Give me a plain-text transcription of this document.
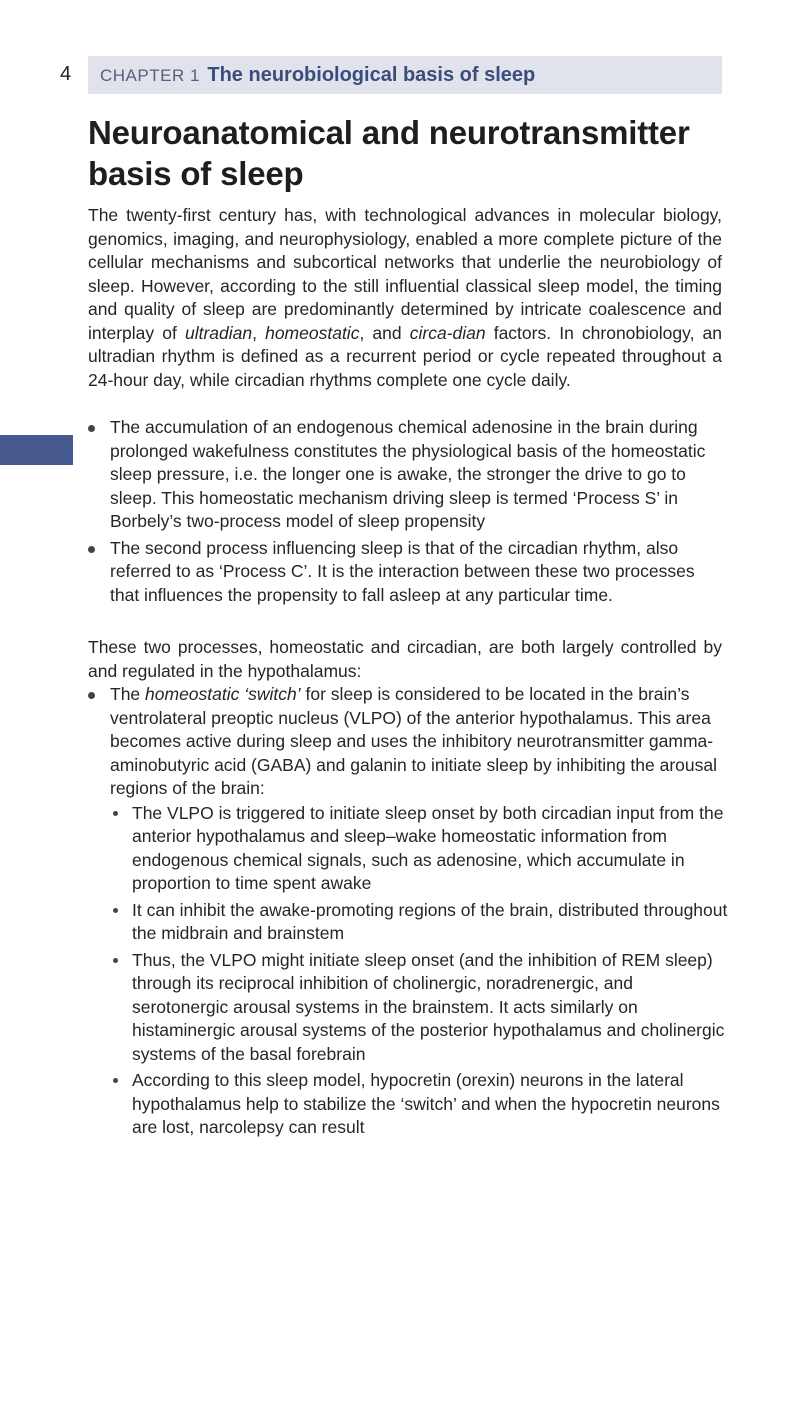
4	CHAPTER 1 The neurobiological basis of sleep
Neuroanatomical and neurotransmitter basis of sleep

The twenty-first century has, with technological advances in molecular biology, genomics, imaging, and neurophysiology, enabled a more complete picture of the cellular mechanisms and subcortical networks that underlie the neurobiology of sleep. However, according to the still influential classical sleep model, the timing and quality of sleep are predominantly determined by intricate coalescence and interplay of ultradian, homeostatic, and circa-dian factors. In chronobiology, an ultradian rhythm is defined as a recurrent period or cycle repeated throughout a 24-hour day, while circadian rhythms complete one cycle daily.

The accumulation of an endogenous chemical adenosine in the brain during prolonged wakefulness constitutes the physiological basis of the homeostatic sleep pressure, i.e. the longer one is awake, the stronger the drive to go to sleep. This homeostatic mechanism driving sleep is termed ‘Process S’ in Borbely’s two-process model of sleep propensity
The second process influencing sleep is that of the circadian rhythm, also referred to as ‘Process C’. It is the interaction between these two processes that influences the propensity to fall asleep at any particular time.

These two processes, homeostatic and circadian, are both largely controlled by and regulated in the hypothalamus:

The homeostatic ‘switch’ for sleep is considered to be located in the brain’s ventrolateral preoptic nucleus (VLPO) of the anterior hypothalamus. This area becomes active during sleep and uses the inhibitory neurotransmitter gamma-aminobutyric acid (GABA) and galanin to initiate sleep by inhibiting the arousal regions of the brain:
The VLPO is triggered to initiate sleep onset by both circadian input from the anterior hypothalamus and sleep–wake homeostatic information from endogenous chemical signals, such as adenosine, which accumulate in proportion to time spent awake
It can inhibit the awake-promoting regions of the brain, distributed throughout the midbrain and brainstem
Thus, the VLPO might initiate sleep onset (and the inhibition of REM sleep) through its reciprocal inhibition of cholinergic, noradrenergic, and serotonergic arousal systems in the brainstem. It acts similarly on histaminergic arousal systems of the posterior hypothalamus and cholinergic systems of the basal forebrain
According to this sleep model, hypocretin (orexin) neurons in the lateral hypothalamus help to stabilize the ‘switch’ and when the hypocretin neurons are lost, narcolepsy can result
